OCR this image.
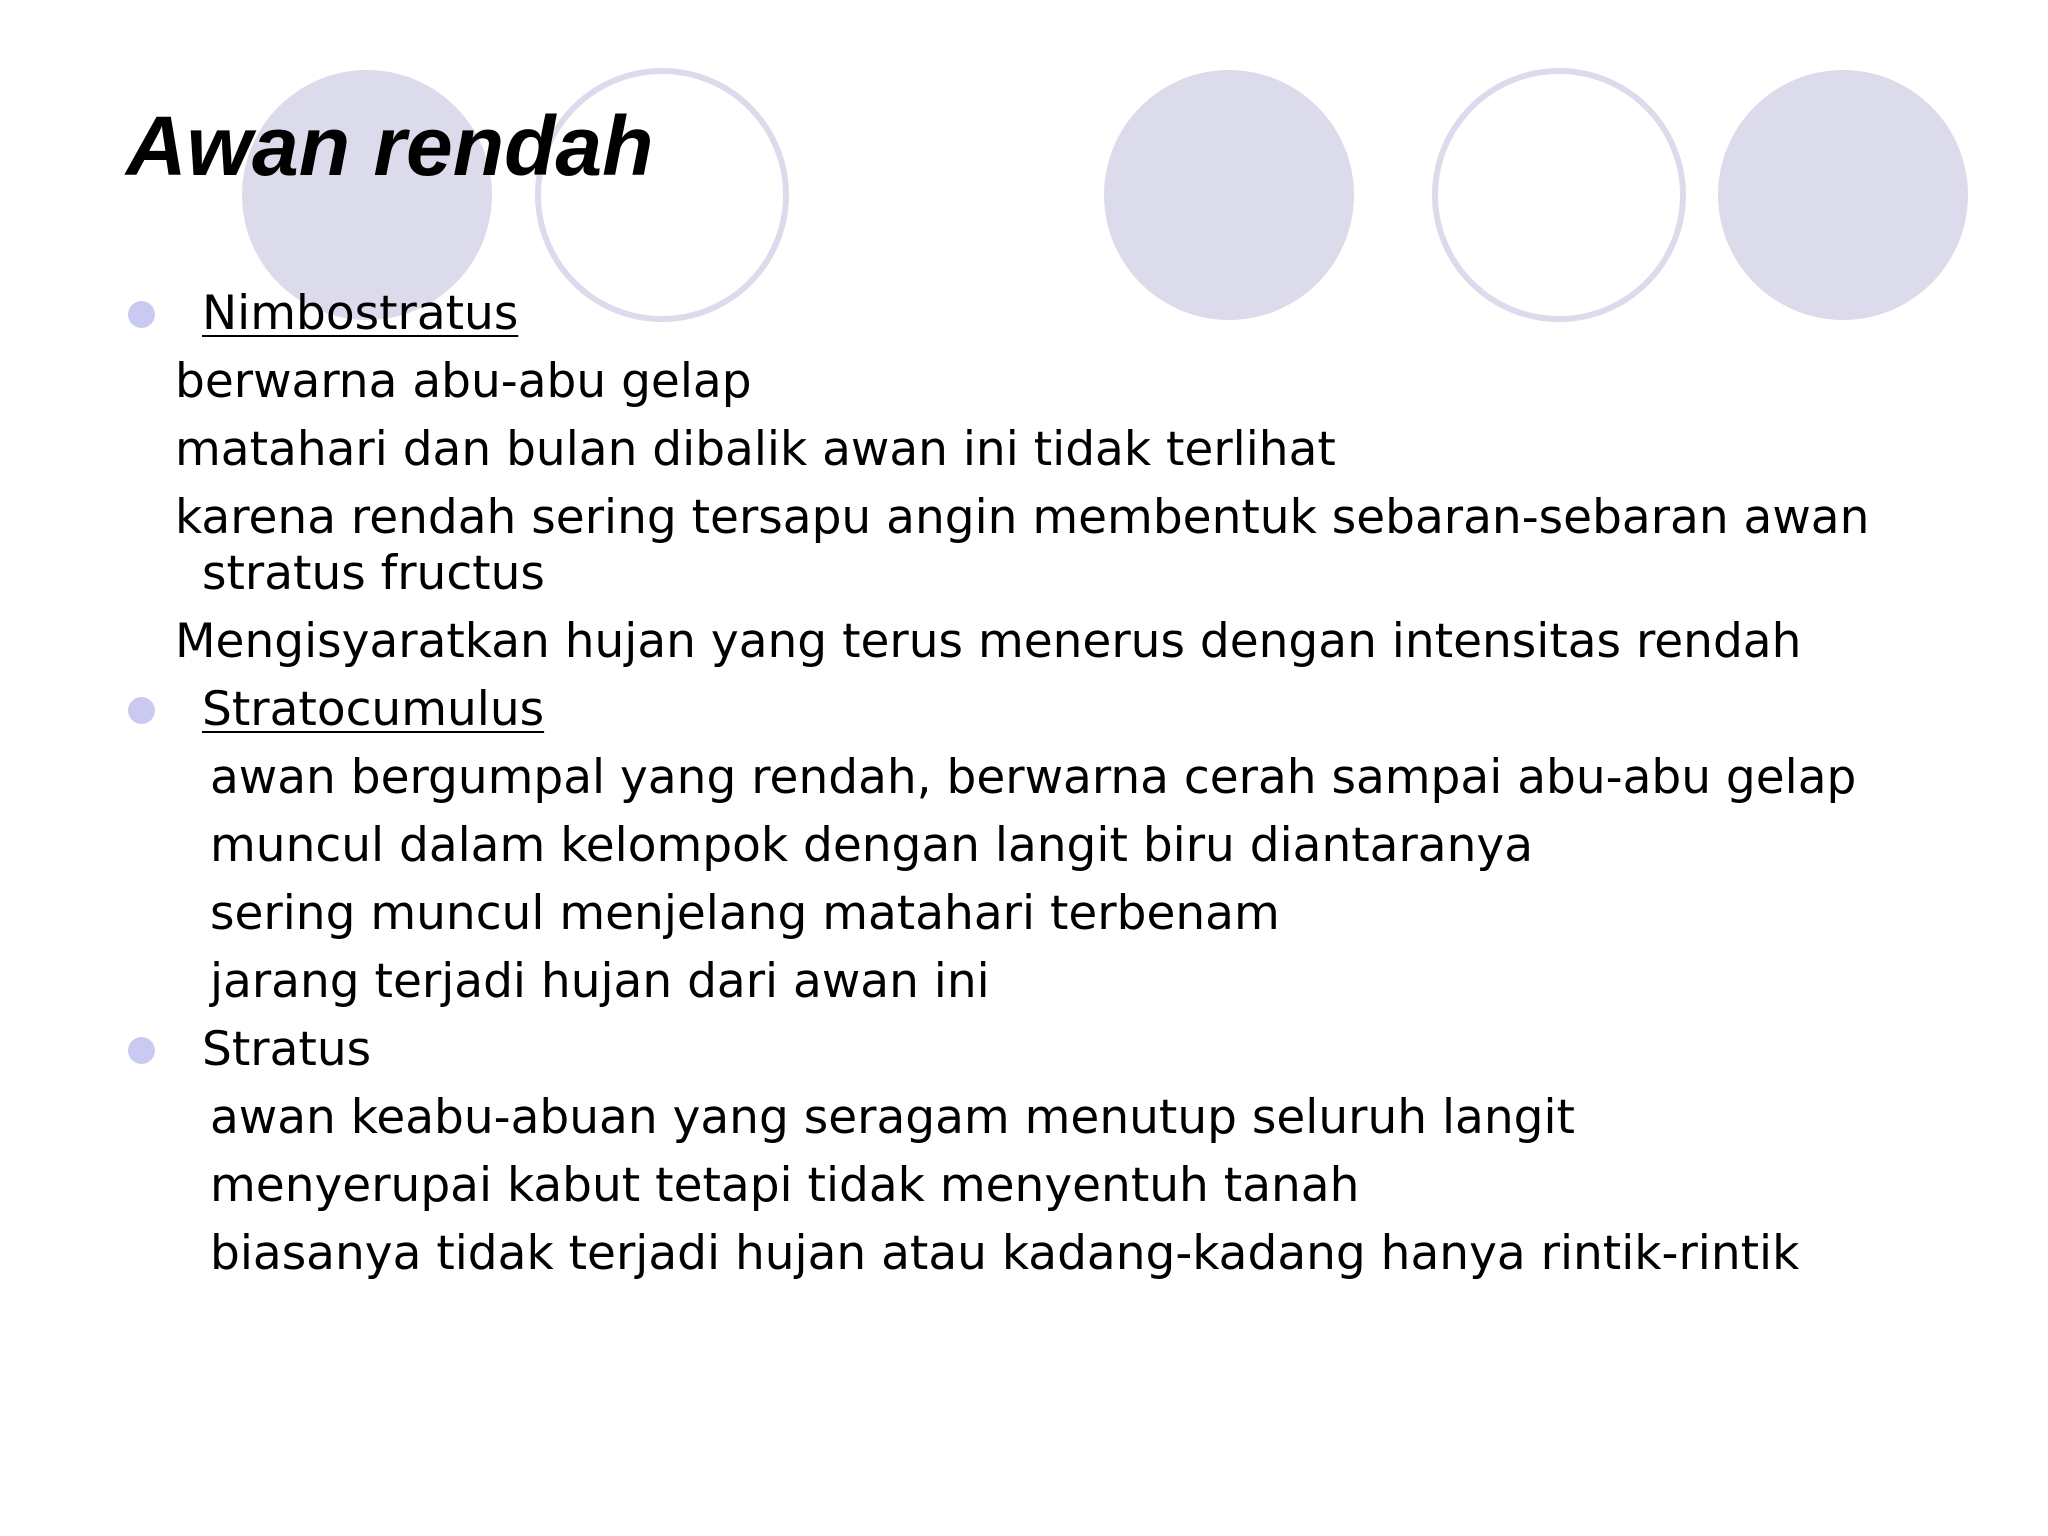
Awan rendah
Nimbostratus
berwarna abu-abu gelap
matahari dan bulan dibalik awan ini tidak terlihat
karena rendah sering tersapu angin membentuk sebaran-sebaran awan stratus fructus
Mengisyaratkan hujan yang terus menerus dengan intensitas rendah
Stratocumulus
awan bergumpal yang rendah, berwarna cerah sampai abu-abu gelap
muncul dalam kelompok dengan langit biru diantaranya
sering muncul menjelang matahari terbenam
jarang terjadi hujan dari awan ini
Stratus
awan keabu-abuan yang seragam menutup seluruh langit
menyerupai kabut tetapi tidak menyentuh tanah
biasanya tidak terjadi hujan atau kadang-kadang hanya rintik-rintik
